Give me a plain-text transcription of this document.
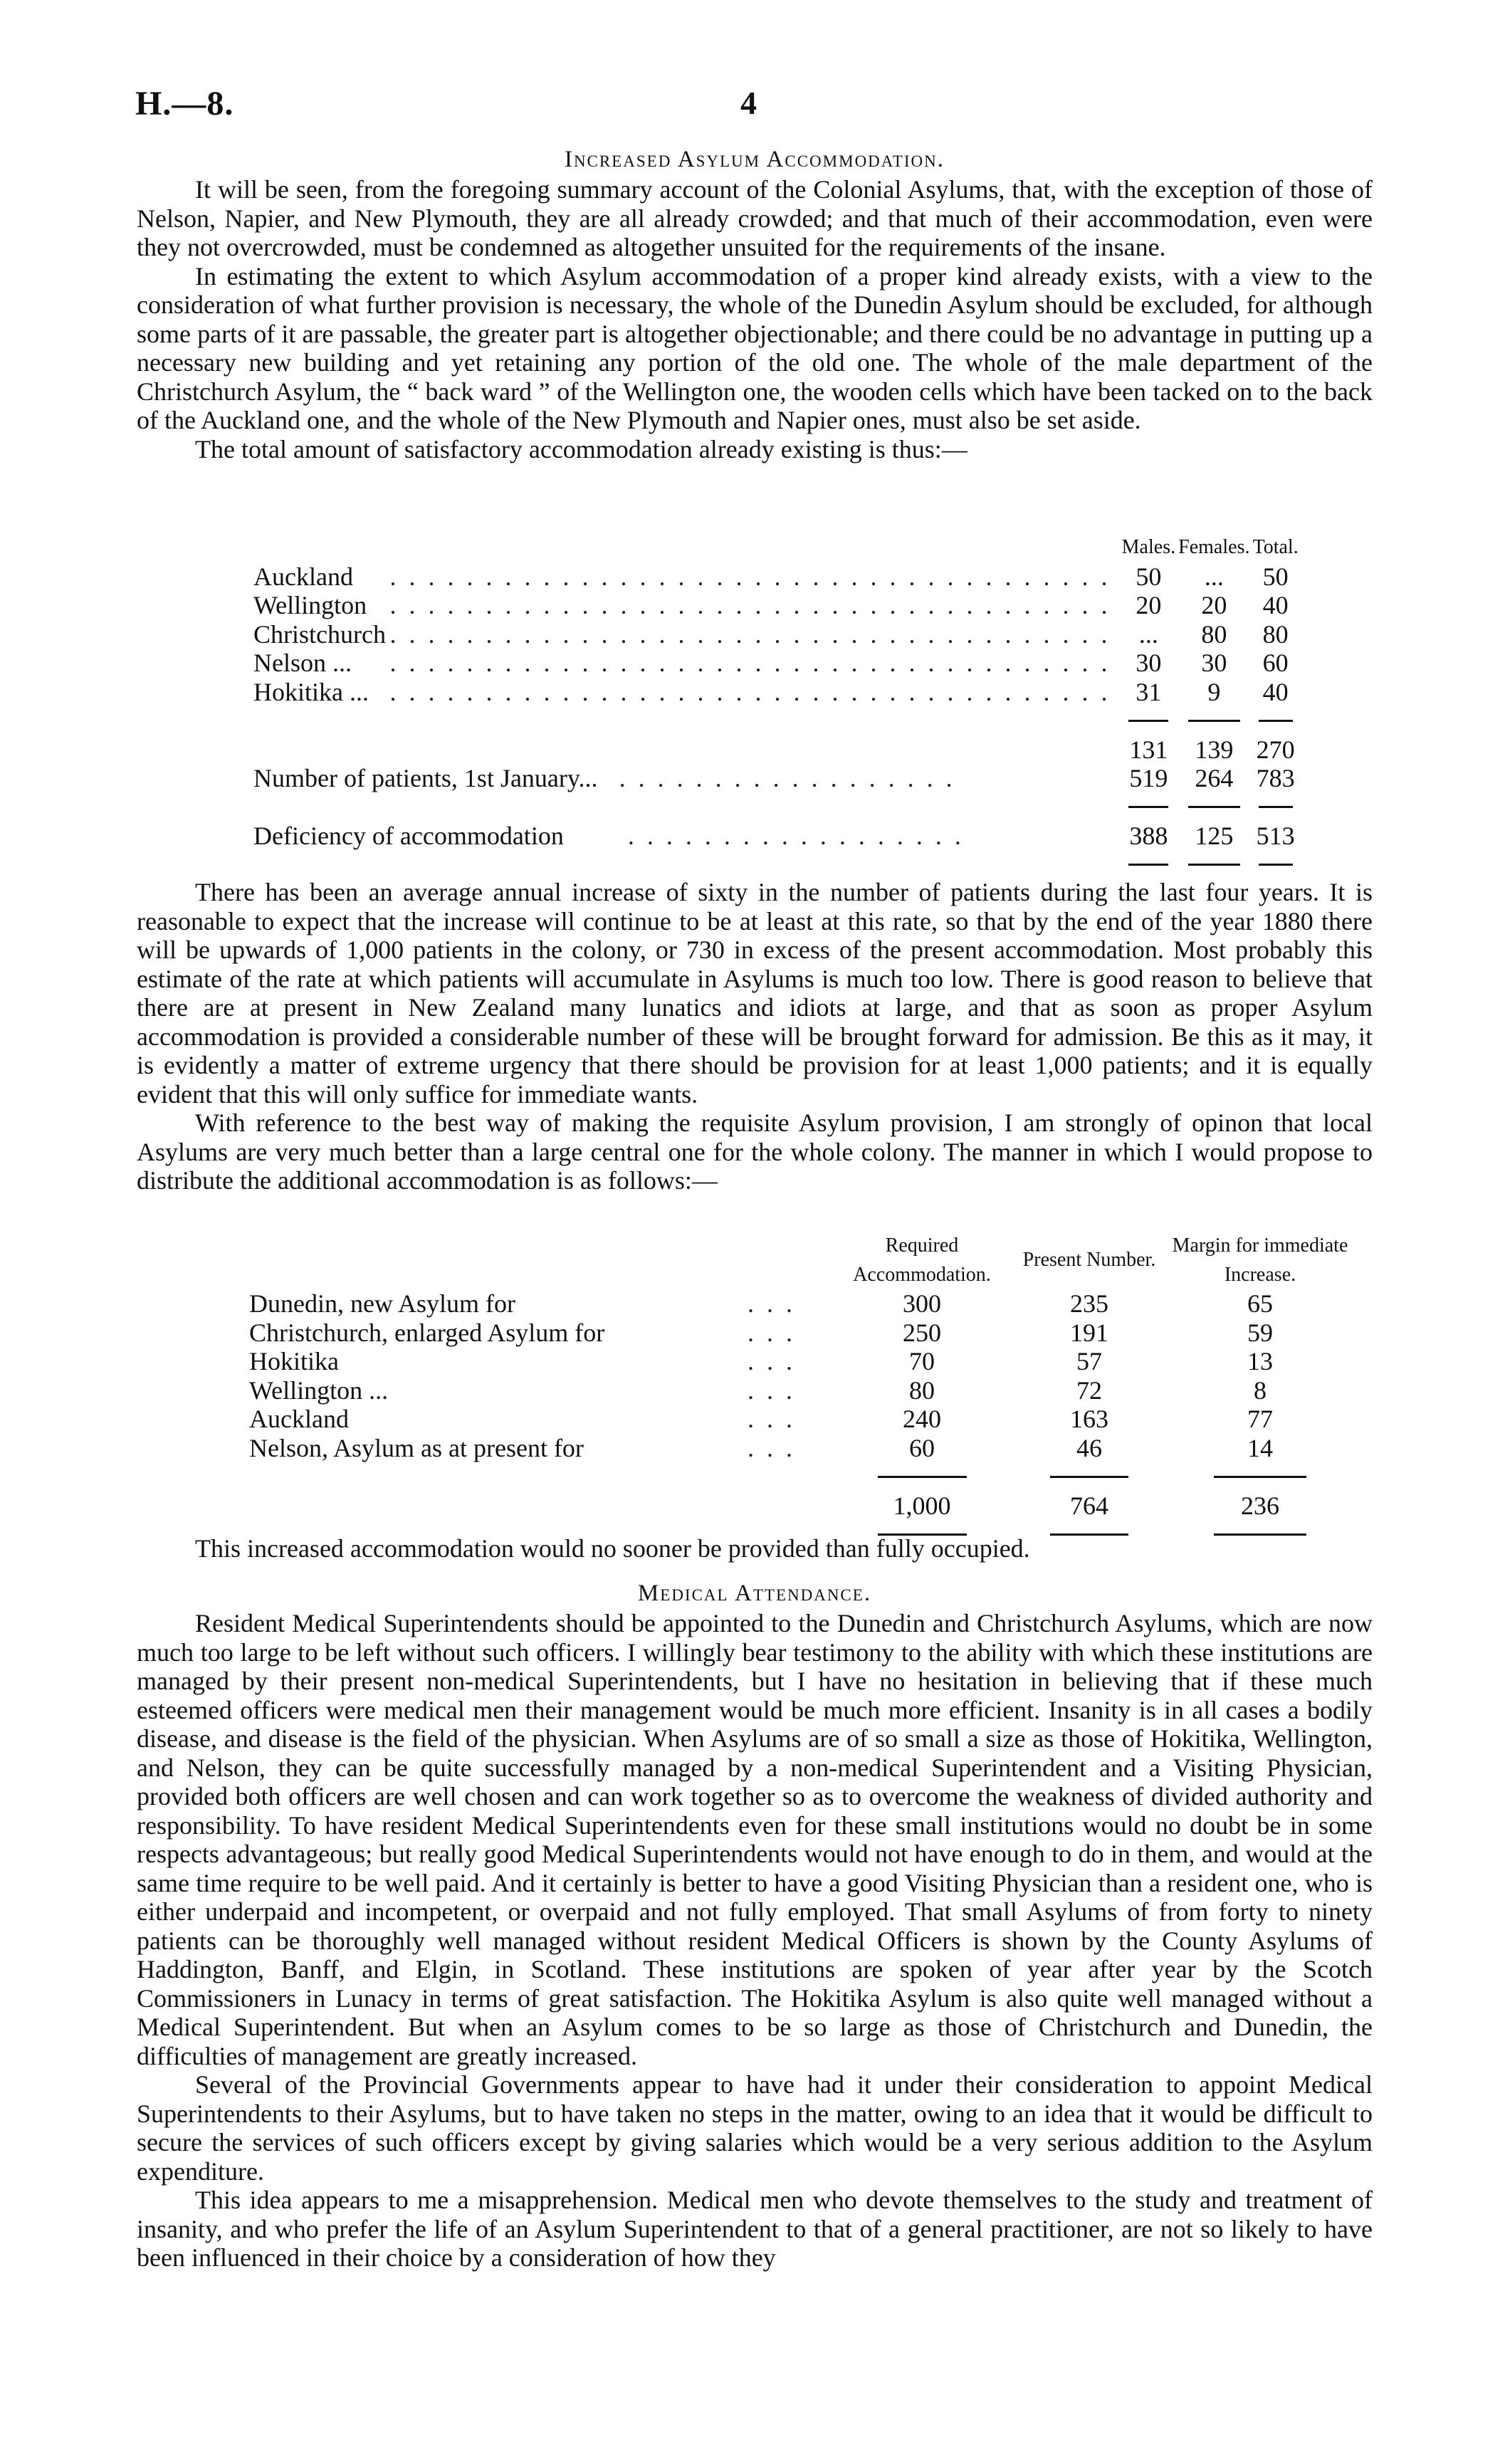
H.—8.	4
Increased Asylum Accommodation.

It will be seen, from the foregoing summary account of the Colonial Asylums, that, with the exception of those of Nelson, Napier, and New Plymouth, they are all already crowded; and that much of their accommodation, even were they not overcrowded, must be condemned as altogether unsuited for the requirements of the insane.

In estimating the extent to which Asylum accommodation of a proper kind already exists, with a view to the consideration of what further provision is necessary, the whole of the Dunedin Asylum should be excluded, for although some parts of it are passable, the greater part is altogether objectionable; and there could be no advantage in putting up a necessary new building and yet retaining any portion of the old one. The whole of the male department of the Christchurch Asylum, the “ back ward ” of the Wellington one, the wooden cells which have been tacked on to the back of the Auckland one, and the whole of the New Plymouth and Napier ones, must also be set aside.

The total amount of satisfactory accommodation already existing is thus:—

		Males.	Females.	Total.
Auckland	......................................	50	...	50
Wellington	......................................	20	20	40
Christchurch	......................................	...	80	80
Nelson ...	......................................	30	30	60
Hokitika ...	......................................	31	9	40

		131	139	270
Number of patients, 1st January... ..................		519	264	783

Deficiency of accommodation ..................		388	125	513

There has been an average annual increase of sixty in the number of patients during the last four years. It is reasonable to expect that the increase will continue to be at least at this rate, so that by the end of the year 1880 there will be upwards of 1,000 patients in the colony, or 730 in excess of the present accommodation. Most probably this estimate of the rate at which patients will accumulate in Asylums is much too low. There is good reason to believe that there are at present in New Zealand many lunatics and idiots at large, and that as soon as proper Asylum accommodation is provided a considerable number of these will be brought forward for admission. Be this as it may, it is evidently a matter of extreme urgency that there should be provision for at least 1,000 patients; and it is equally evident that this will only suffice for immediate wants.

With reference to the best way of making the requisite Asylum provision, I am strongly of opinon that local Asylums are very much better than a large central one for the whole colony. The manner in which I would propose to distribute the additional accommodation is as follows:—

		Required Accommodation.	Present Number.	Margin for immediate Increase.
Dunedin, new Asylum for	...	300	235	65
Christchurch, enlarged Asylum for	...	250	191	59
Hokitika	...	70	57	13
Wellington ...	...	80	72	8
Auckland	...	240	163	77
Nelson, Asylum as at present for	...	60	46	14

		1,000	764	236

This increased accommodation would no sooner be provided than fully occupied.

Medical Attendance.

Resident Medical Superintendents should be appointed to the Dunedin and Christchurch Asylums, which are now much too large to be left without such officers. I willingly bear testimony to the ability with which these institutions are managed by their present non-medical Superintendents, but I have no hesitation in believing that if these much esteemed officers were medical men their management would be much more efficient. Insanity is in all cases a bodily disease, and disease is the field of the physician. When Asylums are of so small a size as those of Hokitika, Wellington, and Nelson, they can be quite successfully managed by a non-medical Superintendent and a Visiting Physician, provided both officers are well chosen and can work together so as to overcome the weakness of divided authority and responsibility. To have resident Medical Superintendents even for these small institutions would no doubt be in some respects advantageous; but really good Medical Superintendents would not have enough to do in them, and would at the same time require to be well paid. And it certainly is better to have a good Visiting Physician than a resident one, who is either underpaid and incompetent, or overpaid and not fully employed. That small Asylums of from forty to ninety patients can be thoroughly well managed without resident Medical Officers is shown by the County Asylums of Haddington, Banff, and Elgin, in Scotland. These institutions are spoken of year after year by the Scotch Commissioners in Lunacy in terms of great satisfaction. The Hokitika Asylum is also quite well managed without a Medical Superintendent. But when an Asylum comes to be so large as those of Christchurch and Dunedin, the difficulties of management are greatly increased.

Several of the Provincial Governments appear to have had it under their consideration to appoint Medical Superintendents to their Asylums, but to have taken no steps in the matter, owing to an idea that it would be difficult to secure the services of such officers except by giving salaries which would be a very serious addition to the Asylum expenditure.

This idea appears to me a misapprehension. Medical men who devote themselves to the study and treatment of insanity, and who prefer the life of an Asylum Superintendent to that of a general practitioner, are not so likely to have been influenced in their choice by a consideration of how they
